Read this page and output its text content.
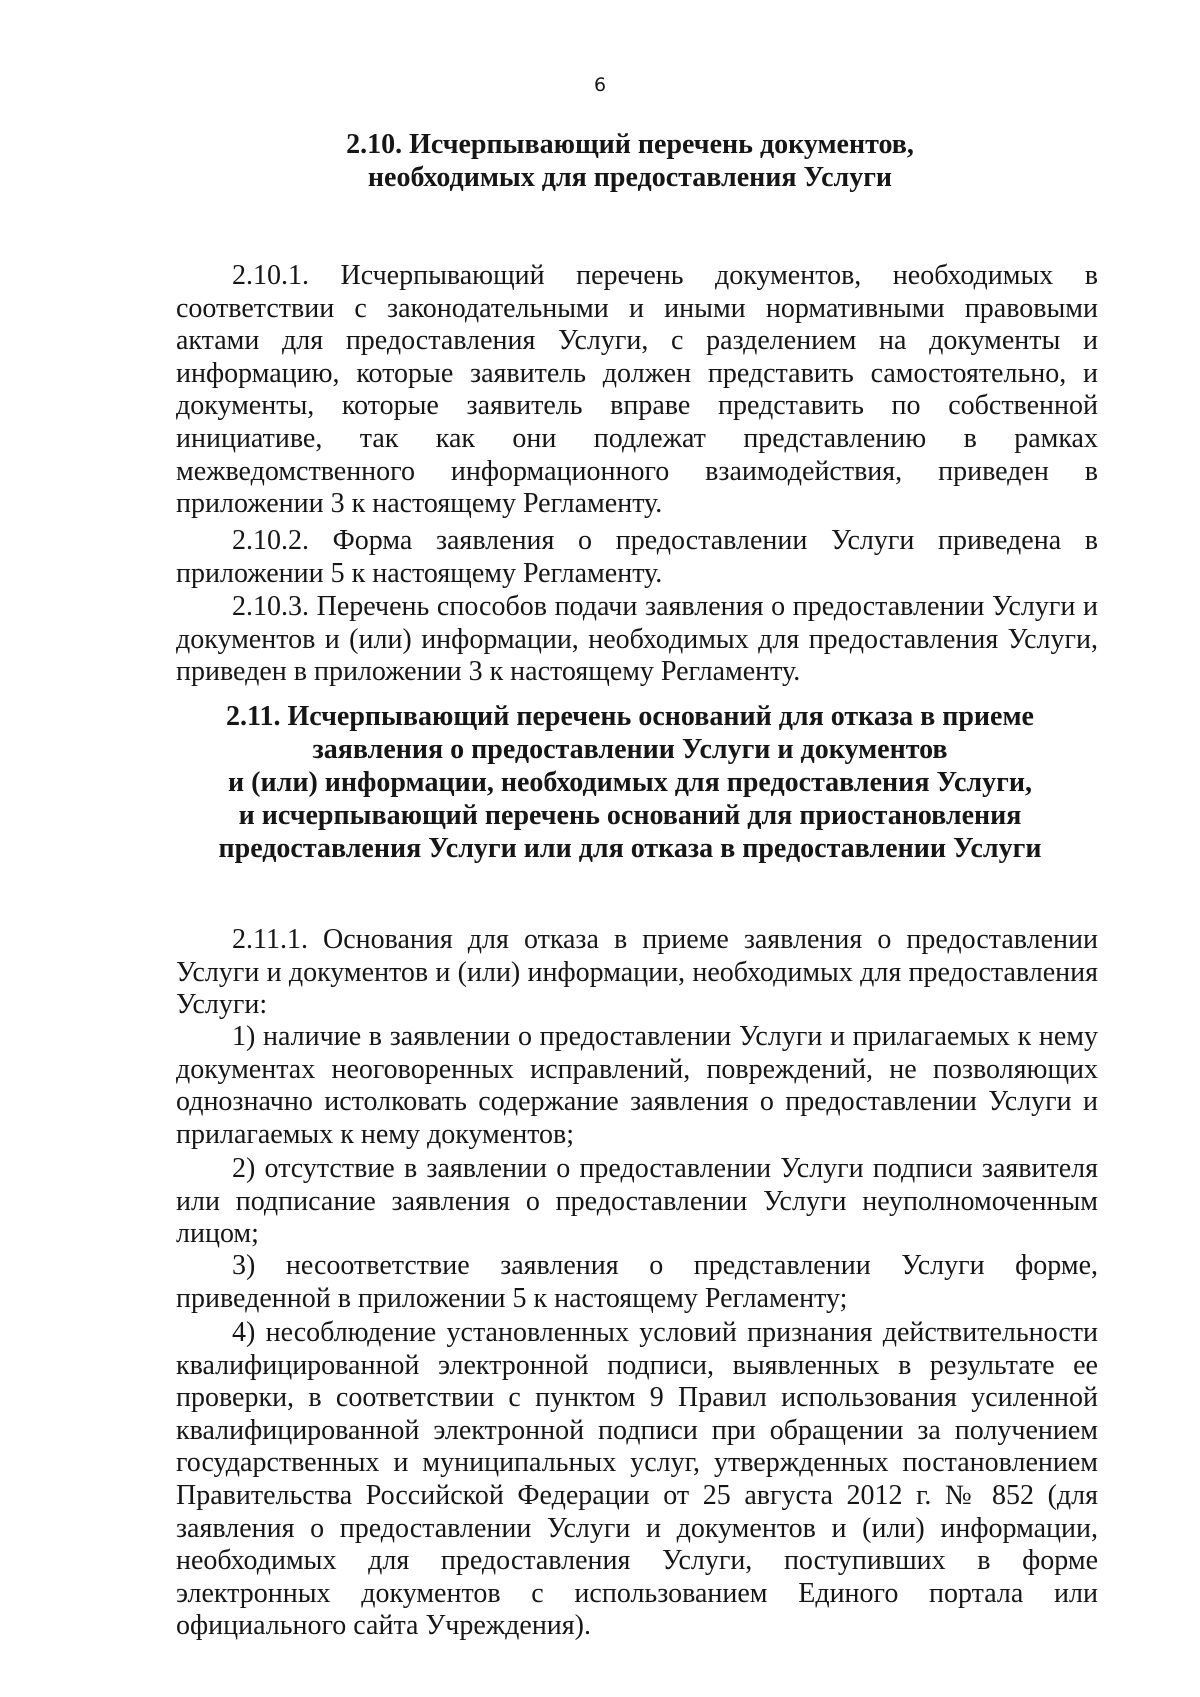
6
2.10. Исчерпывающий перечень документов,
необходимых для предоставления Услуги

2.10.1. Исчерпывающий перечень документов, необходимых в соответствии с законодательными и иными нормативными правовыми актами для предоставления Услуги, с разделением на документы и информацию, которые заявитель должен представить самостоятельно, и документы, которые заявитель вправе представить по собственной инициативе, так как они подлежат представлению в рамках межведомственного информационного взаимодействия, приведен в приложении 3 к настоящему Регламенту.

2.10.2. Форма заявления о предоставлении Услуги приведена в приложении 5 к настоящему Регламенту.

2.10.3. Перечень способов подачи заявления о предоставлении Услуги и документов и (или) информации, необходимых для предоставления Услуги, приведен в приложении 3 к настоящему Регламенту.

2.11. Исчерпывающий перечень оснований для отказа в приеме
заявления о предоставлении Услуги и документов
и (или) информации, необходимых для предоставления Услуги,
и исчерпывающий перечень оснований для приостановления
предоставления Услуги или для отказа в предоставлении Услуги

2.11.1. Основания для отказа в приеме заявления о предоставлении Услуги и документов и (или) информации, необходимых для предоставления Услуги:

1) наличие в заявлении о предоставлении Услуги и прилагаемых к нему документах неоговоренных исправлений, повреждений, не позволяющих однозначно истолковать содержание заявления о предоставлении Услуги и прилагаемых к нему документов;

2) отсутствие в заявлении о предоставлении Услуги подписи заявителя или подписание заявления о предоставлении Услуги неуполномоченным лицом;

3) несоответствие заявления о представлении Услуги форме, приведенной в приложении 5 к настоящему Регламенту;

4) несоблюдение установленных условий признания действительности квалифицированной электронной подписи, выявленных в результате ее проверки, в соответствии с пунктом 9 Правил использования усиленной квалифицированной электронной подписи при обращении за получением государственных и муниципальных услуг, утвержденных постановлением Правительства Российской Федерации от 25 августа 2012 г. № 852 (для заявления о предоставлении Услуги и документов и (или) информации, необходимых для предоставления Услуги, поступивших в форме электронных документов с использованием Единого портала или официального сайта Учреждения).
